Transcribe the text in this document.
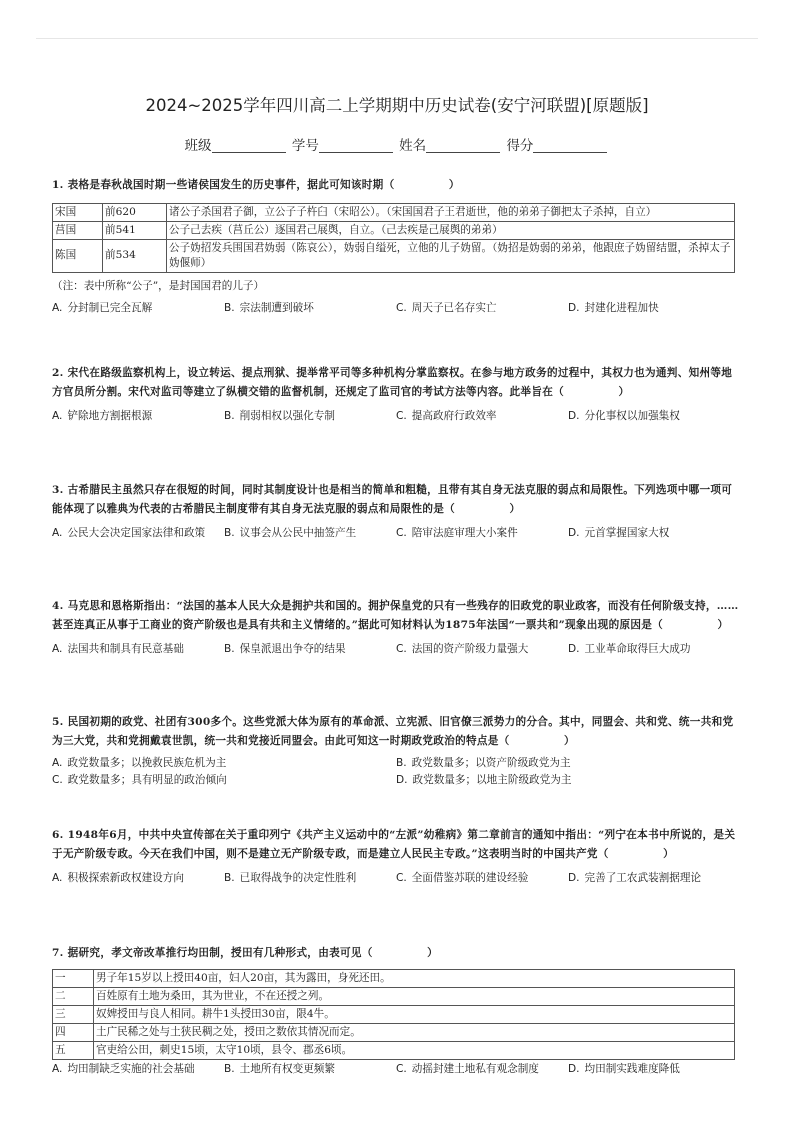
2024~2025学年四川高二上学期期中历史试卷(安宁河联盟)[原题版]
班级	学号	姓名	得分
1. 表格是春秋战国时期一些诸侯国发生的历史事件，据此可知该时期（　　　　　）
宋国	前620	诸公子杀国君子御，立公子子杵臼（宋昭公）。（宋国国君子王君逝世，他的弟弟子御把太子杀掉，自立）
莒国	前541	公子己去疾（莒丘公）逐国君己展舆，自立。（己去疾是己展舆的弟弟）
陈国	前534	公子妫招发兵围国君妫弱（陈哀公），妫弱自缢死，立他的儿子妫留。（妫招是妫弱的弟弟，他跟庶子妫留结盟，杀掉太子妫偃师）
（注：表中所称“公子”，是封国国君的儿子）
A. 分封制已完全瓦解	B. 宗法制遭到破坏	C. 周天子已名存实亡	D. 封建化进程加快
2. 宋代在路级监察机构上，设立转运、提点刑狱、提举常平司等多种机构分掌监察权。在参与地方政务的过程中，其权力也为通判、知州等地方官员所分割。宋代对监司等建立了纵横交错的监督机制，还规定了监司官的考试方法等内容。此举旨在（　　　　　）
A. 铲除地方割据根源	B. 削弱相权以强化专制	C. 提高政府行政效率	D. 分化事权以加强集权
3. 古希腊民主虽然只存在很短的时间，同时其制度设计也是相当的简单和粗糙，且带有其自身无法克服的弱点和局限性。下列选项中哪一项可能体现了以雅典为代表的古希腊民主制度带有其自身无法克服的弱点和局限性的是（　　　　　）
A. 公民大会决定国家法律和政策	B. 议事会从公民中抽签产生	C. 陪审法庭审理大小案件	D. 元首掌握国家大权
4. 马克思和恩格斯指出：“法国的基本人民大众是拥护共和国的。拥护保皇党的只有一些残存的旧政党的职业政客，而没有任何阶级支持，……甚至连真正从事于工商业的资产阶级也是具有共和主义情绪的。”据此可知材料认为1875年法国“一票共和”现象出现的原因是（　　　　　）
A. 法国共和制具有民意基础	B. 保皇派退出争夺的结果	C. 法国的资产阶级力量强大	D. 工业革命取得巨大成功
5. 民国初期的政党、社团有300多个。这些党派大体为原有的革命派、立宪派、旧官僚三派势力的分合。其中，同盟会、共和党、统一共和党为三大党，共和党拥戴袁世凯，统一共和党接近同盟会。由此可知这一时期政党政治的特点是（　　　　　）
A. 政党数量多；以挽救民族危机为主	B. 政党数量多；以资产阶级政党为主
C. 政党数量多；具有明显的政治倾向	D. 政党数量多；以地主阶级政党为主
6. 1948年6月，中共中央宣传部在关于重印列宁《共产主义运动中的“左派”幼稚病》第二章前言的通知中指出：“列宁在本书中所说的，是关于无产阶级专政。今天在我们中国，则不是建立无产阶级专政，而是建立人民民主专政。”这表明当时的中国共产党（　　　　　）
A. 积极探索新政权建设方向	B. 已取得战争的决定性胜利	C. 全面借鉴苏联的建设经验	D. 完善了工农武装割据理论
7. 据研究，孝文帝改革推行均田制，授田有几种形式，由表可见（　　　　　）
一	男子年15岁以上授田40亩，妇人20亩，其为露田，身死还田。
二	百姓原有土地为桑田，其为世业，不在还授之列。
三	奴婢授田与良人相同。耕牛1头授田30亩，限4牛。
四	土广民稀之处与土狭民稠之处，授田之数依其情况而定。
五	官吏给公田，刺史15顷，太守10顷，县令、郡丞6顷。
A. 均田制缺乏实施的社会基础	B. 土地所有权变更频繁	C. 动摇封建土地私有观念制度	D. 均田制实践难度降低
